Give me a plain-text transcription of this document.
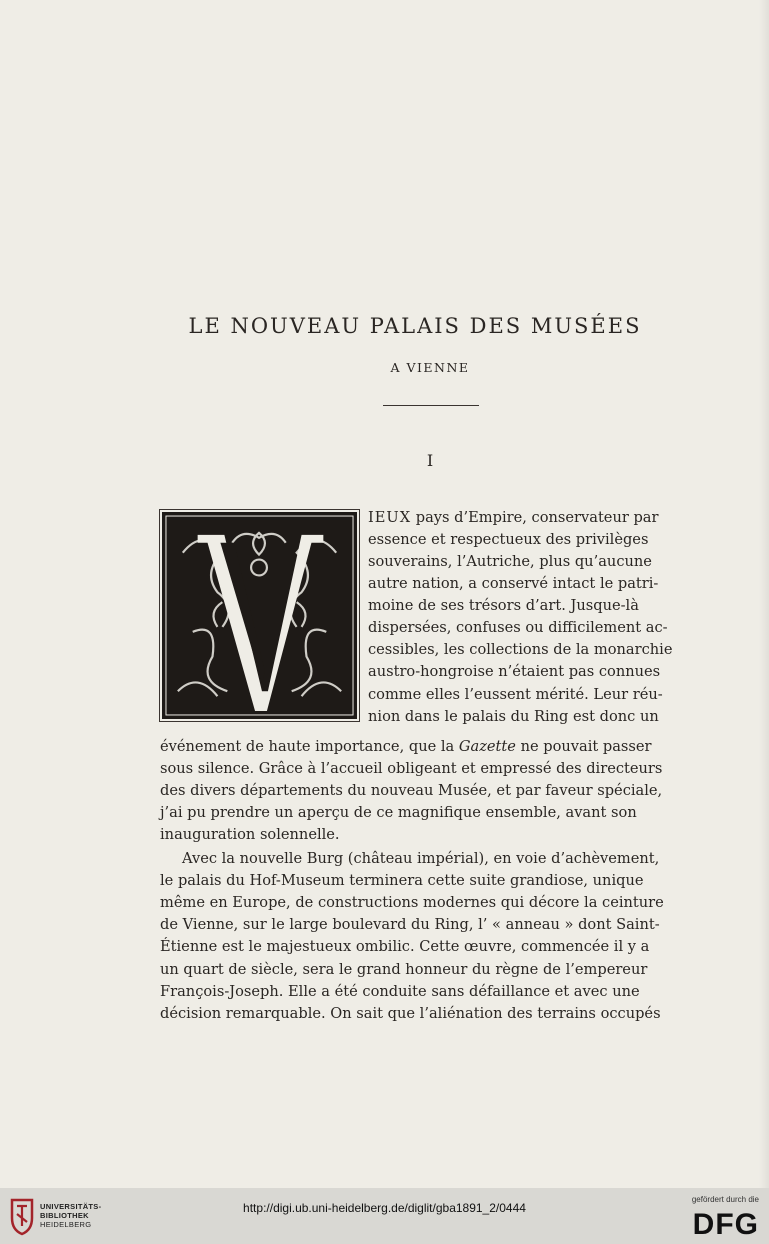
LE NOUVEAU PALAIS DES MUSÉES
A VIENNE
I
IEUX pays d’Empire, conservateur par
essence et respectueux des privilèges
souverains, l’Autriche, plus qu’aucune
autre nation, a conservé intact le patri-
moine de ses trésors d’art. Jusque-là
dispersées, confuses ou difficilement ac-
cessibles, les collections de la monarchie
austro-hongroise n’étaient pas connues
comme elles l’eussent mérité. Leur réu-
nion dans le palais du Ring est donc un
événement de haute importance, que la Gazette ne pouvait passer
sous silence. Grâce à l’accueil obligeant et empressé des directeurs
des divers départements du nouveau Musée, et par faveur spéciale,
j’ai pu prendre un aperçu de ce magnifique ensemble, avant son
inauguration solennelle.
Avec la nouvelle Burg (château impérial), en voie d’achèvement,
le palais du Hof-Museum terminera cette suite grandiose, unique
même en Europe, de constructions modernes qui décore la ceinture
de Vienne, sur le large boulevard du Ring, l’ « anneau » dont Saint-
Étienne est le majestueux ombilic. Cette œuvre, commencée il y a
un quart de siècle, sera le grand honneur du règne de l’empereur
François-Joseph. Elle a été conduite sans défaillance et avec une
décision remarquable. On sait que l’aliénation des terrains occupés
UNIVERSITÄTS-
BIBLIOTHEK
HEIDELBERG
http://digi.ub.uni-heidelberg.de/diglit/gba1891_2/0444
gefördert durch die
DFG
